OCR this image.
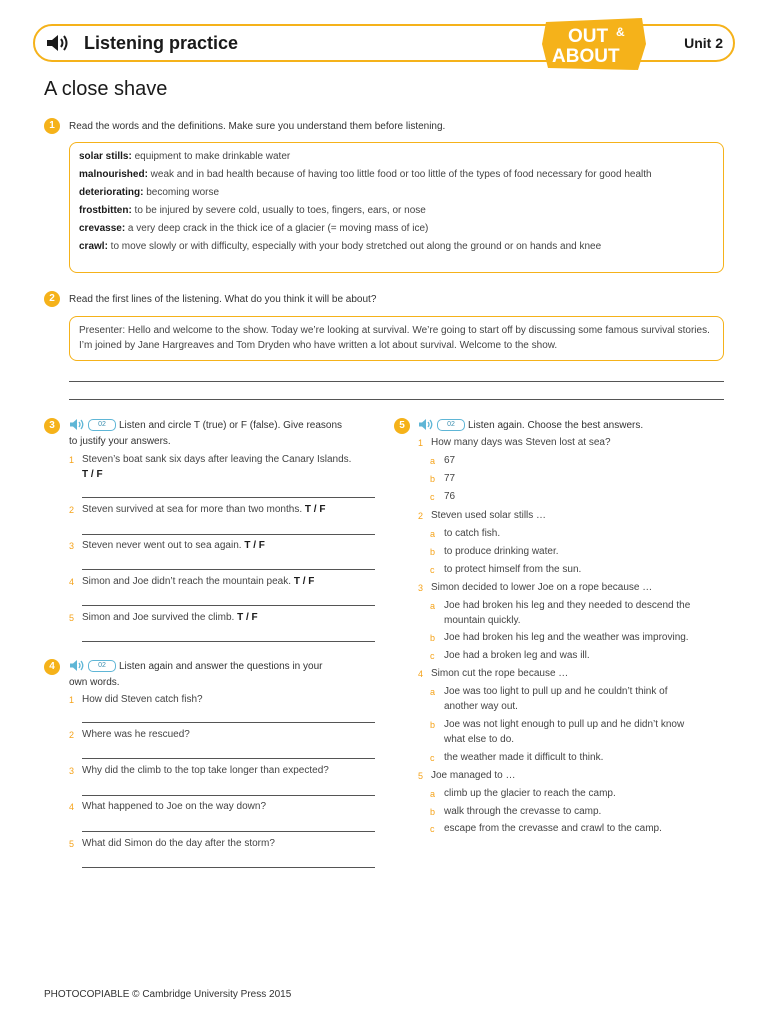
Listening practice	OUT &
ABOUT
Unit 2
A close shave
1	Read the words and the definitions. Make sure you understand them before listening.
solar stills: equipment to make drinkable water
malnourished: weak and in bad health because of having too little food or too little of the types of food necessary for good health
deteriorating: becoming worse
frostbitten: to be injured by severe cold, usually to toes, fingers, ears, or nose
crevasse: a very deep crack in the thick ice of a glacier (= moving mass of ice)
crawl: to move slowly or with difficulty, especially with your body stretched out along the ground or on hands and knee
2	Read the first lines of the listening. What do you think it will be about?
Presenter: Hello and welcome to the show. Today we’re looking at survival. We’re going to start off by discussing some famous survival stories. I’m joined by Jane Hargreaves and Tom Dryden who have written a lot about survival. Welcome to the show.
3	02	Listen and circle T (true) or F (false). Give reasons
to justify your answers.
1 Steven’s boat sank six days after leaving the Canary Islands.
T / F
2 Steven survived at sea for more than two months. T / F
3 Steven never went out to sea again. T / F
4 Simon and Joe didn’t reach the mountain peak. T / F
5 Simon and Joe survived the climb. T / F
4	02	Listen again and answer the questions in your
own words.
1 How did Steven catch fish?
2 Where was he rescued?
3 Why did the climb to the top take longer than expected?
4 What happened to Joe on the way down?
5 What did Simon do the day after the storm?
5	02	Listen again. Choose the best answers.
1 How many days was Steven lost at sea?
a 67
b 77
c 76
2 Steven used solar stills …
a to catch fish.
b to produce drinking water.
c to protect himself from the sun.
3 Simon decided to lower Joe on a rope because …
a Joe had broken his leg and they needed to descend the
mountain quickly.
b Joe had broken his leg and the weather was improving.
c Joe had a broken leg and was ill.
4 Simon cut the rope because …
a Joe was too light to pull up and he couldn’t think of
another way out.
b Joe was not light enough to pull up and he didn’t know
what else to do.
c the weather made it difficult to think.
5 Joe managed to …
a climb up the glacier to reach the camp.
b walk through the crevasse to camp.
c escape from the crevasse and crawl to the camp.
PHOTOCOPIABLE © Cambridge University Press 2015
